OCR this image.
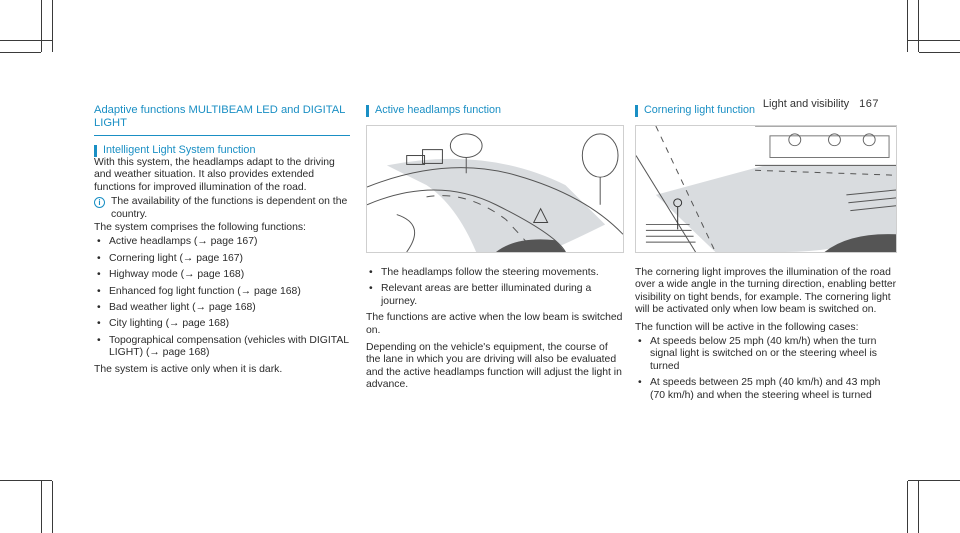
Light and visibility 167
Adaptive functions MULTIBEAM LED and DIGITAL LIGHT
Intelligent Light System function

With this system, the headlamps adapt to the driving and weather situation. It also provides extended functions for improved illumination of the road.

i The availability of the functions is dependent on the country.

The system comprises the following functions:

• Active headlamps (→ page 167)
• Cornering light (→ page 167)
• Highway mode (→ page 168)
• Enhanced fog light function (→ page 168)
• Bad weather light (→ page 168)
• City lighting (→ page 168)
• Topographical compensation (vehicles with DIGITAL LIGHT) (→ page 168)

The system is active only when it is dark.

Active headlamps function
• The headlamps follow the steering movements.
• Relevant areas are better illuminated during a journey.

The functions are active when the low beam is switched on.

Depending on the vehicle's equipment, the course of the lane in which you are driving will also be evaluated and the active headlamps function will adjust the light in advance.

Cornering light function

The cornering light improves the illumination of the road over a wide angle in the turning direction, enabling better visibility on tight bends, for example. The cornering light will be activated only when low beam is switched on.

The function will be active in the following cases:

• At speeds below 25 mph (40 km/h) when the turn signal light is switched on or the steering wheel is turned
• At speeds between 25 mph (40 km/h) and 43 mph (70 km/h) and when the steering wheel is turned
